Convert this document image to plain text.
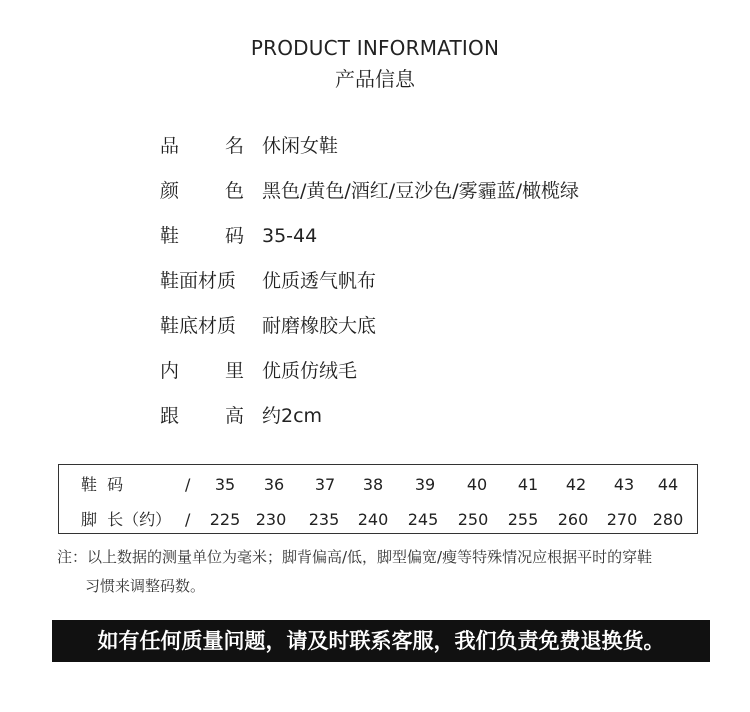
PRODUCT INFORMATION
产品信息
品 名 休闲女鞋
颜 色 黑色/黄色/酒红/豆沙色/雾霾蓝/橄榄绿
鞋 码 35-44
鞋面材质 优质透气帆布
鞋底材质 耐磨橡胶大底
内 里 优质仿绒毛
跟 高 约2cm
鞋  码	/	35	36	37	38	39	40	41	42	43	44
脚  长（约） / 225 230 235 240 245 250 255 260 270 280
注：以上数据的测量单位为毫米；脚背偏高/低，脚型偏宽/瘦等特殊情况应根据平时的穿鞋
习惯来调整码数。
如有任何质量问题，请及时联系客服，我们负责免费退换货。
